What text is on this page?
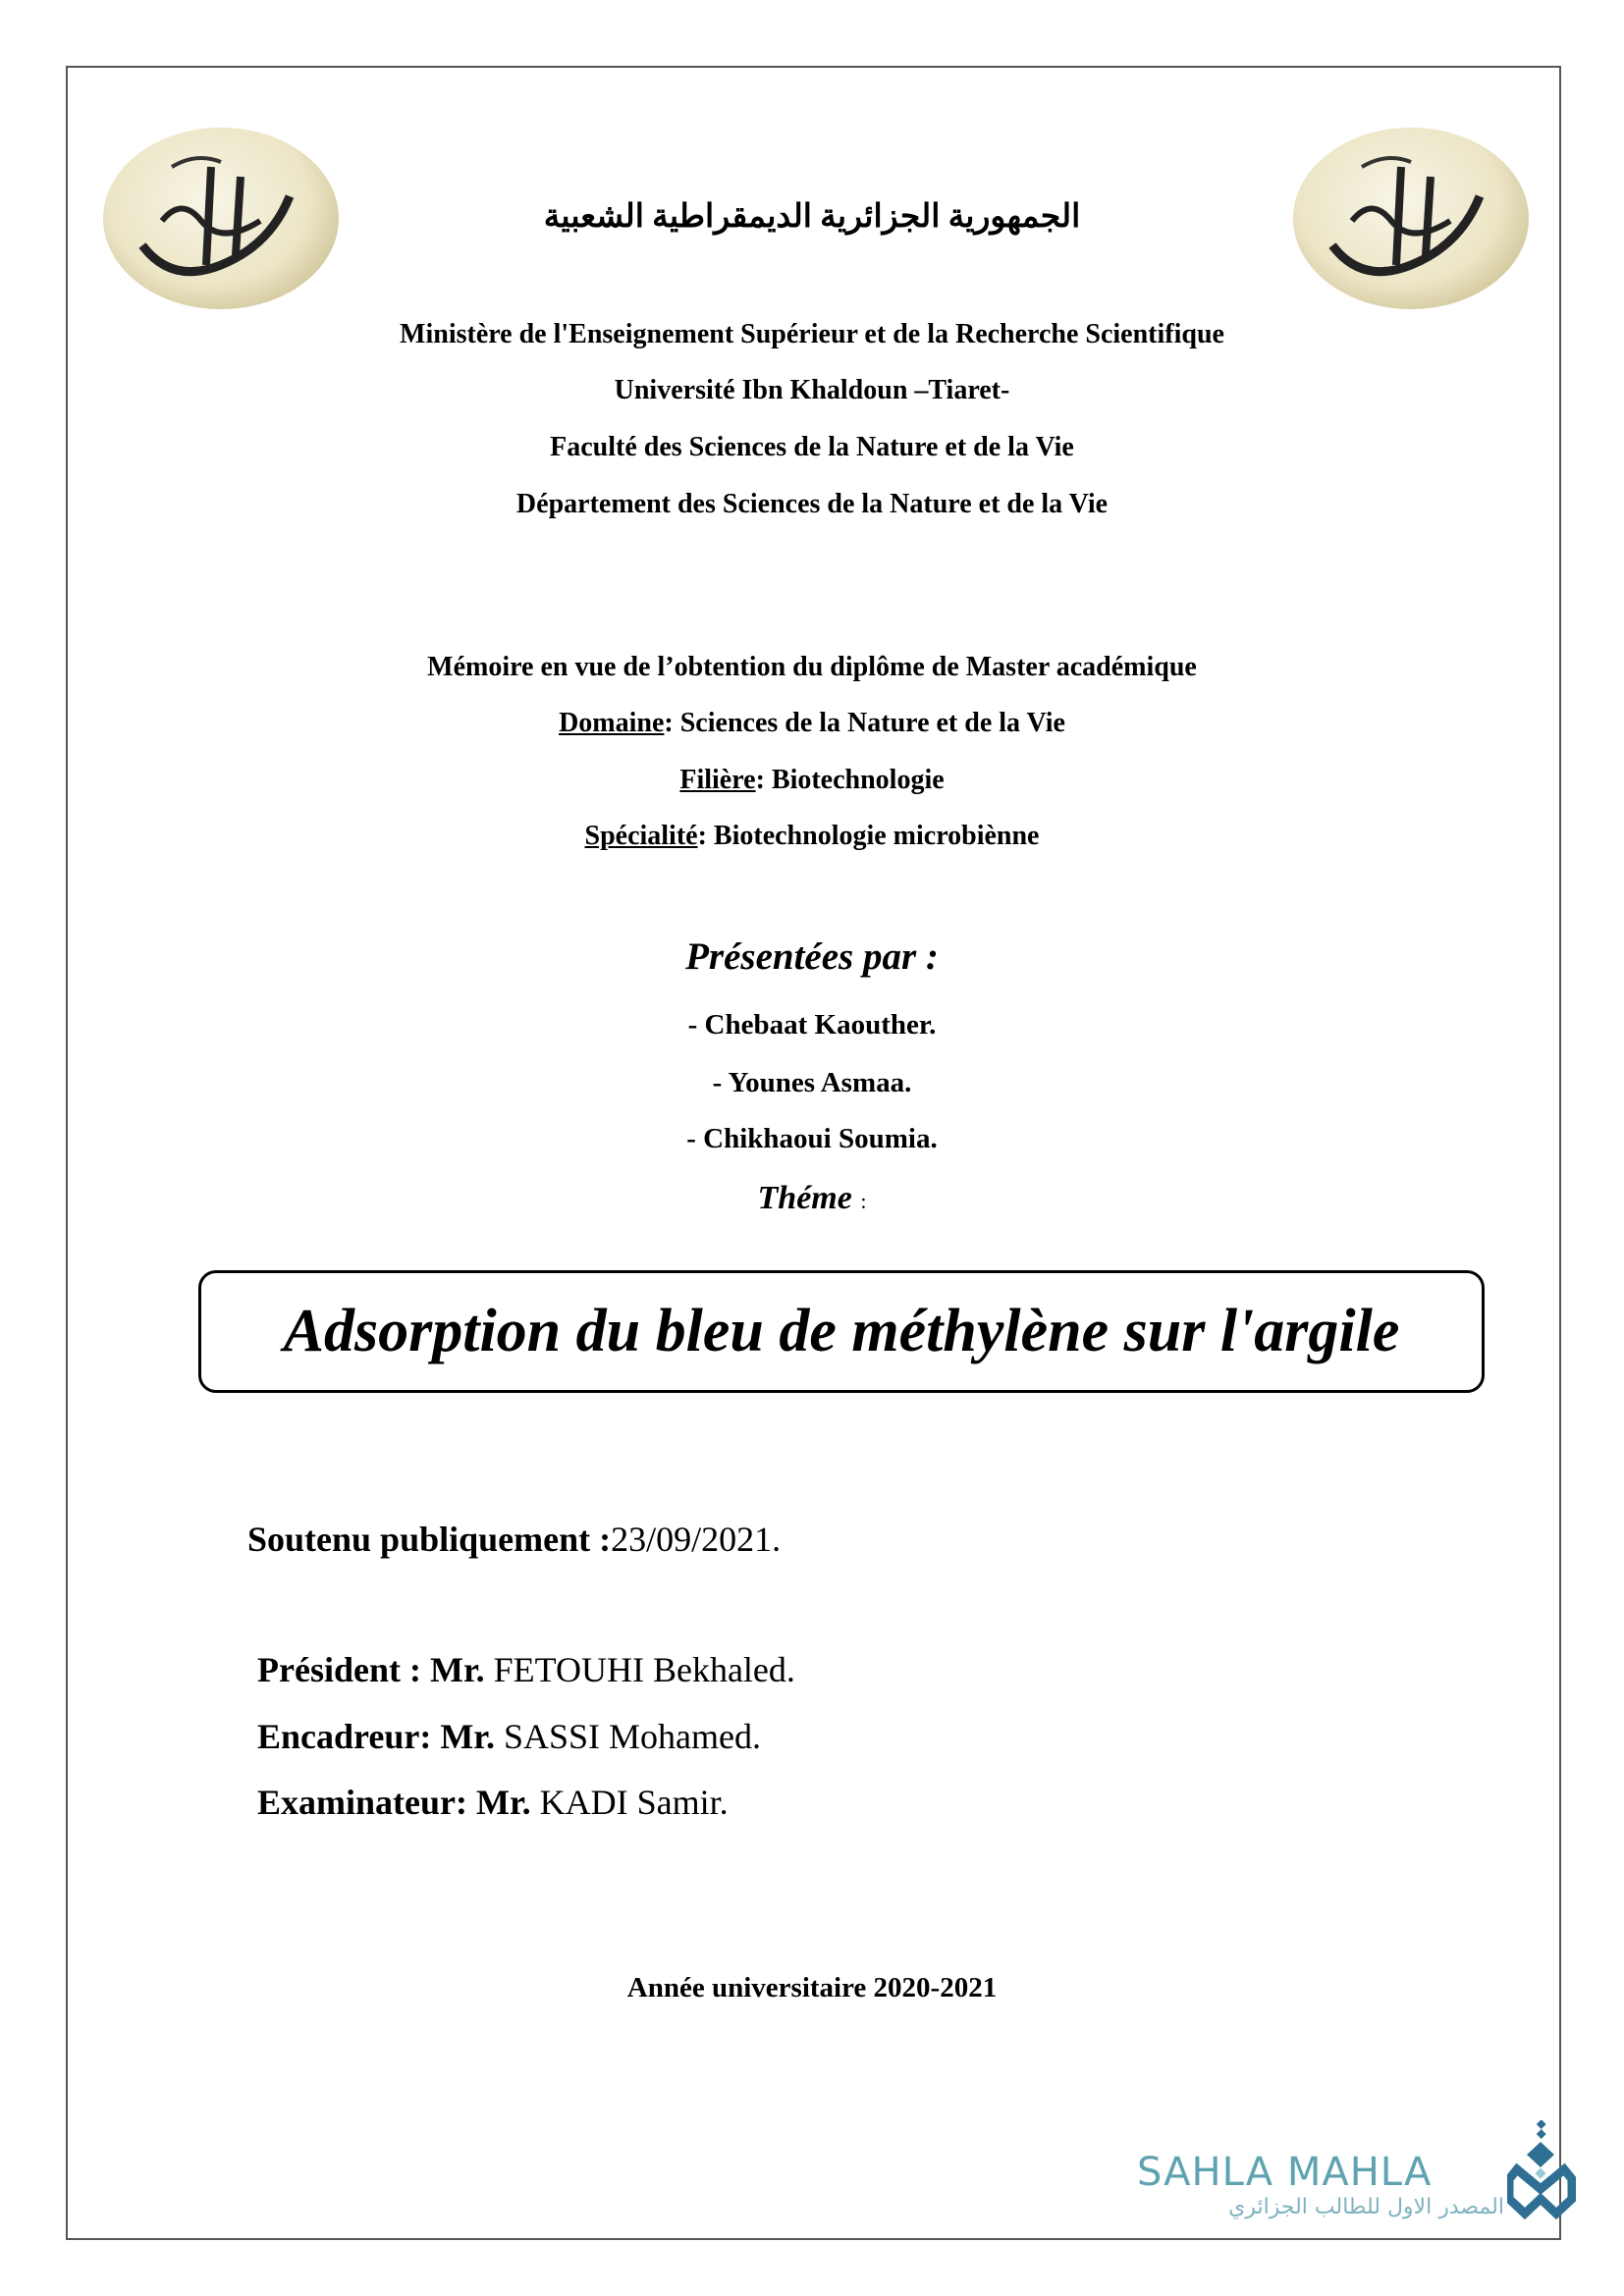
الجمهورية الجزائرية الديمقراطية الشعبية
Ministère de l'Enseignement Supérieur et de la Recherche Scientifique
Université Ibn Khaldoun –Tiaret-
Faculté des Sciences de la Nature et de la Vie
Département des Sciences de la Nature et de la Vie
Mémoire en vue de l’obtention du diplôme de Master académique
Domaine: Sciences de la Nature et de la Vie
Filière: Biotechnologie
Spécialité: Biotechnologie microbiènne
Présentées par :
- Chebaat Kaouther.
- Younes Asmaa.
- Chikhaoui Soumia.
Théme :
Adsorption du bleu de méthylène sur l'argile
Soutenu publiquement :23/09/2021.
Président : Mr. FETOUHI Bekhaled.
Encadreur: Mr. SASSI Mohamed.
Examinateur: Mr. KADI Samir.
Année universitaire 2020-2021
SAHLA MAHLA
المصدر الاول للطالب الجزائري
